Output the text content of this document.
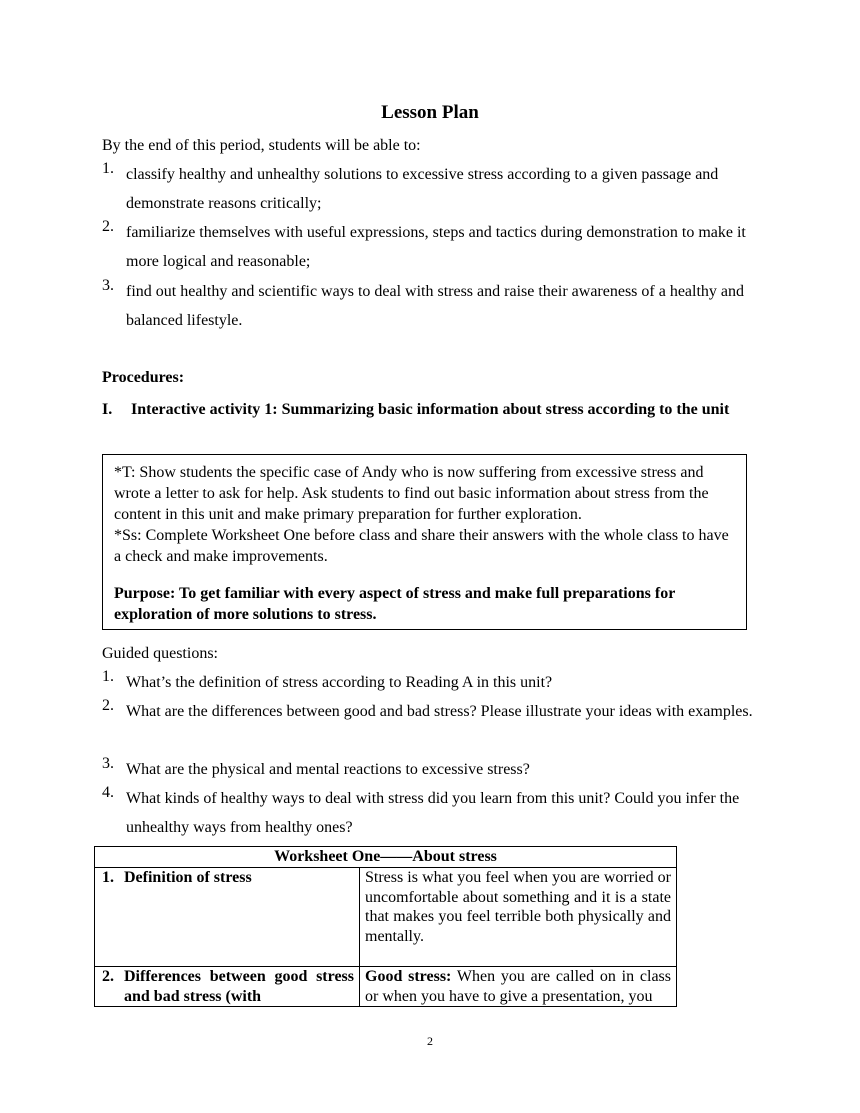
Lesson Plan
By the end of this period, students will be able to:
1. classify healthy and unhealthy solutions to excessive stress according to a given passage and demonstrate reasons critically;
2. familiarize themselves with useful expressions, steps and tactics during demonstration to make it more logical and reasonable;
3. find out healthy and scientific ways to deal with stress and raise their awareness of a healthy and balanced lifestyle.
Procedures:
I. Interactive activity 1: Summarizing basic information about stress according to the unit

*T: Show students the specific case of Andy who is now suffering from excessive stress and wrote a letter to ask for help. Ask students to find out basic information about stress from the content in this unit and make primary preparation for further exploration.

*Ss: Complete Worksheet One before class and share their answers with the whole class to have a check and make improvements.

Purpose: To get familiar with every aspect of stress and make full preparations for exploration of more solutions to stress.

Guided questions:
1. What’s the definition of stress according to Reading A in this unit?
2. What are the differences between good and bad stress? Please illustrate your ideas with examples.
3. What are the physical and mental reactions to excessive stress?
4. What kinds of healthy ways to deal with stress did you learn from this unit? Could you infer the unhealthy ways from healthy ones?
Worksheet One——About stress	
1. Definition of stress	Stress is what you feel when you are worried or uncomfortable about something and it is a state that makes you feel terrible both physically and mentally.
2. Differences between good stress and bad stress (with	Good stress: When you are called on in class or when you have to give a presentation, you
2
